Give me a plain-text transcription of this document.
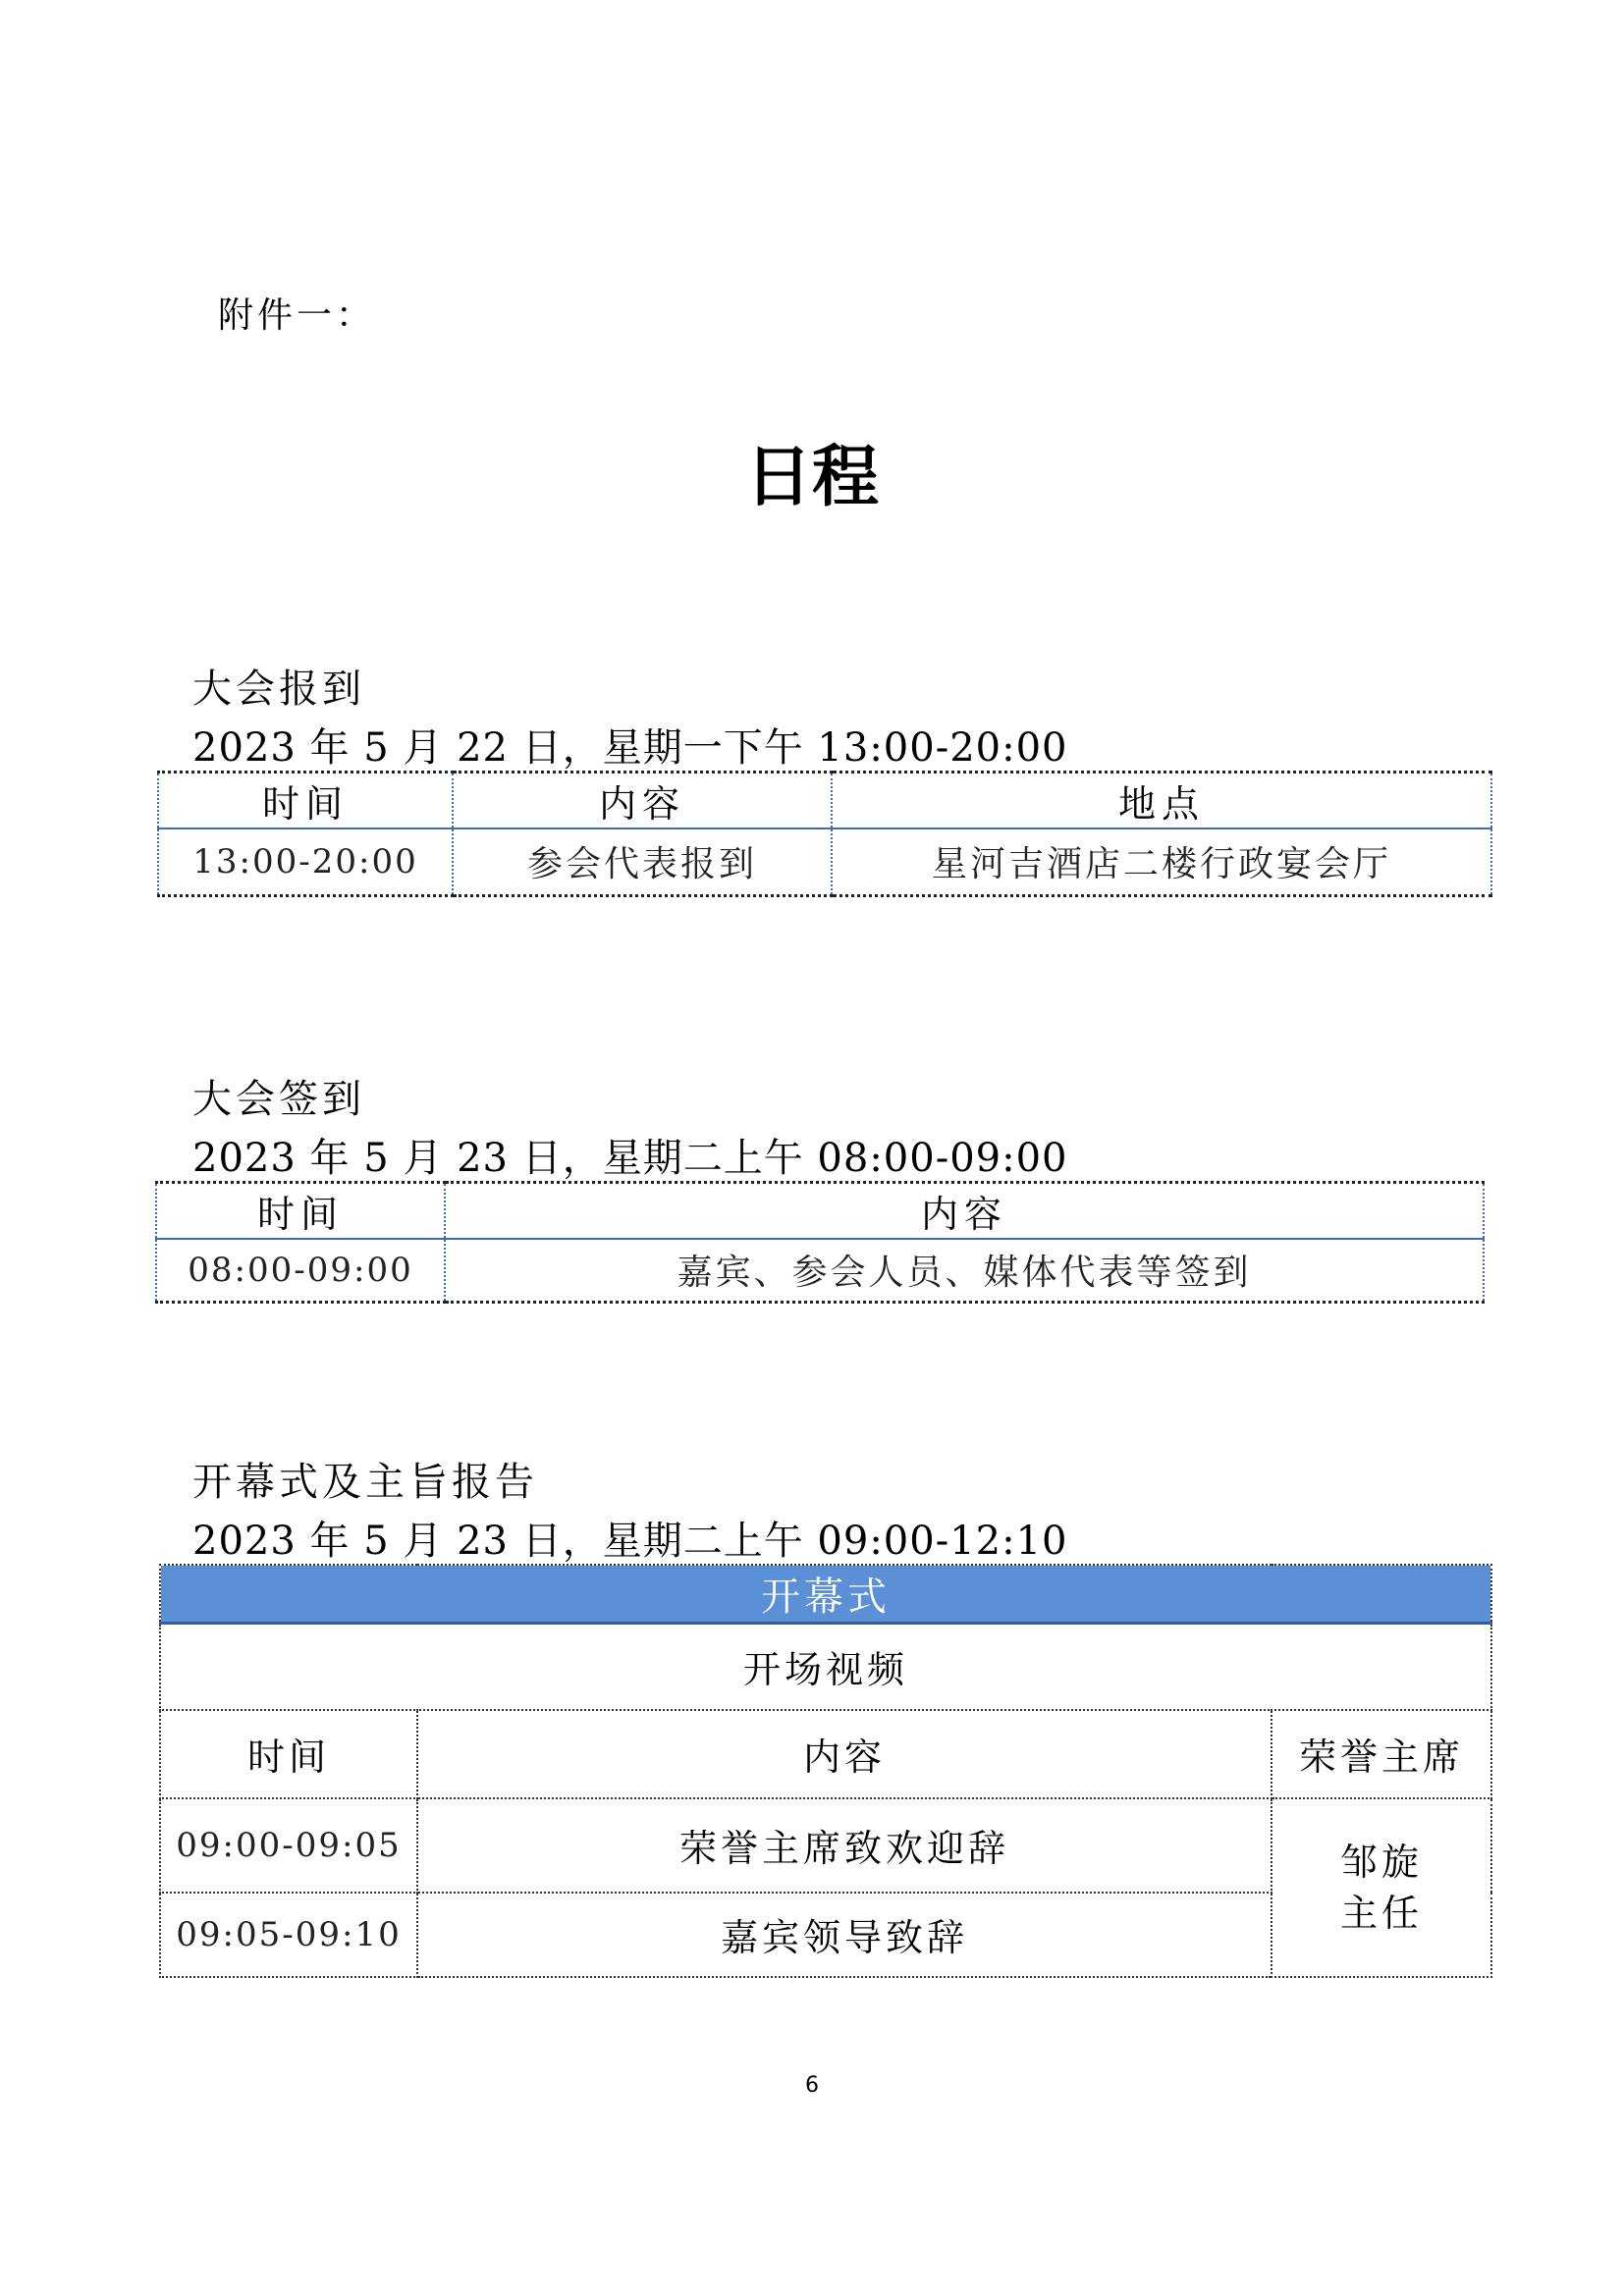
附件一：
日程
大会报到
2023 年 5 月 22 日，星期一下午 13:00-20:00
时间	内容	地点
13:00-20:00	参会代表报到	星河吉酒店二楼行政宴会厅
大会签到
2023 年 5 月 23 日，星期二上午 08:00-09:00
时间	内容
08:00-09:00	嘉宾、参会人员、媒体代表等签到
开幕式及主旨报告
2023 年 5 月 23 日，星期二上午 09:00-12:10
开幕式		
开场视频		
时间	内容	荣誉主席
09:00-09:05	荣誉主席致欢迎辞	邹旋
主任

09:05-09:10	嘉宾领导致辞	
6
